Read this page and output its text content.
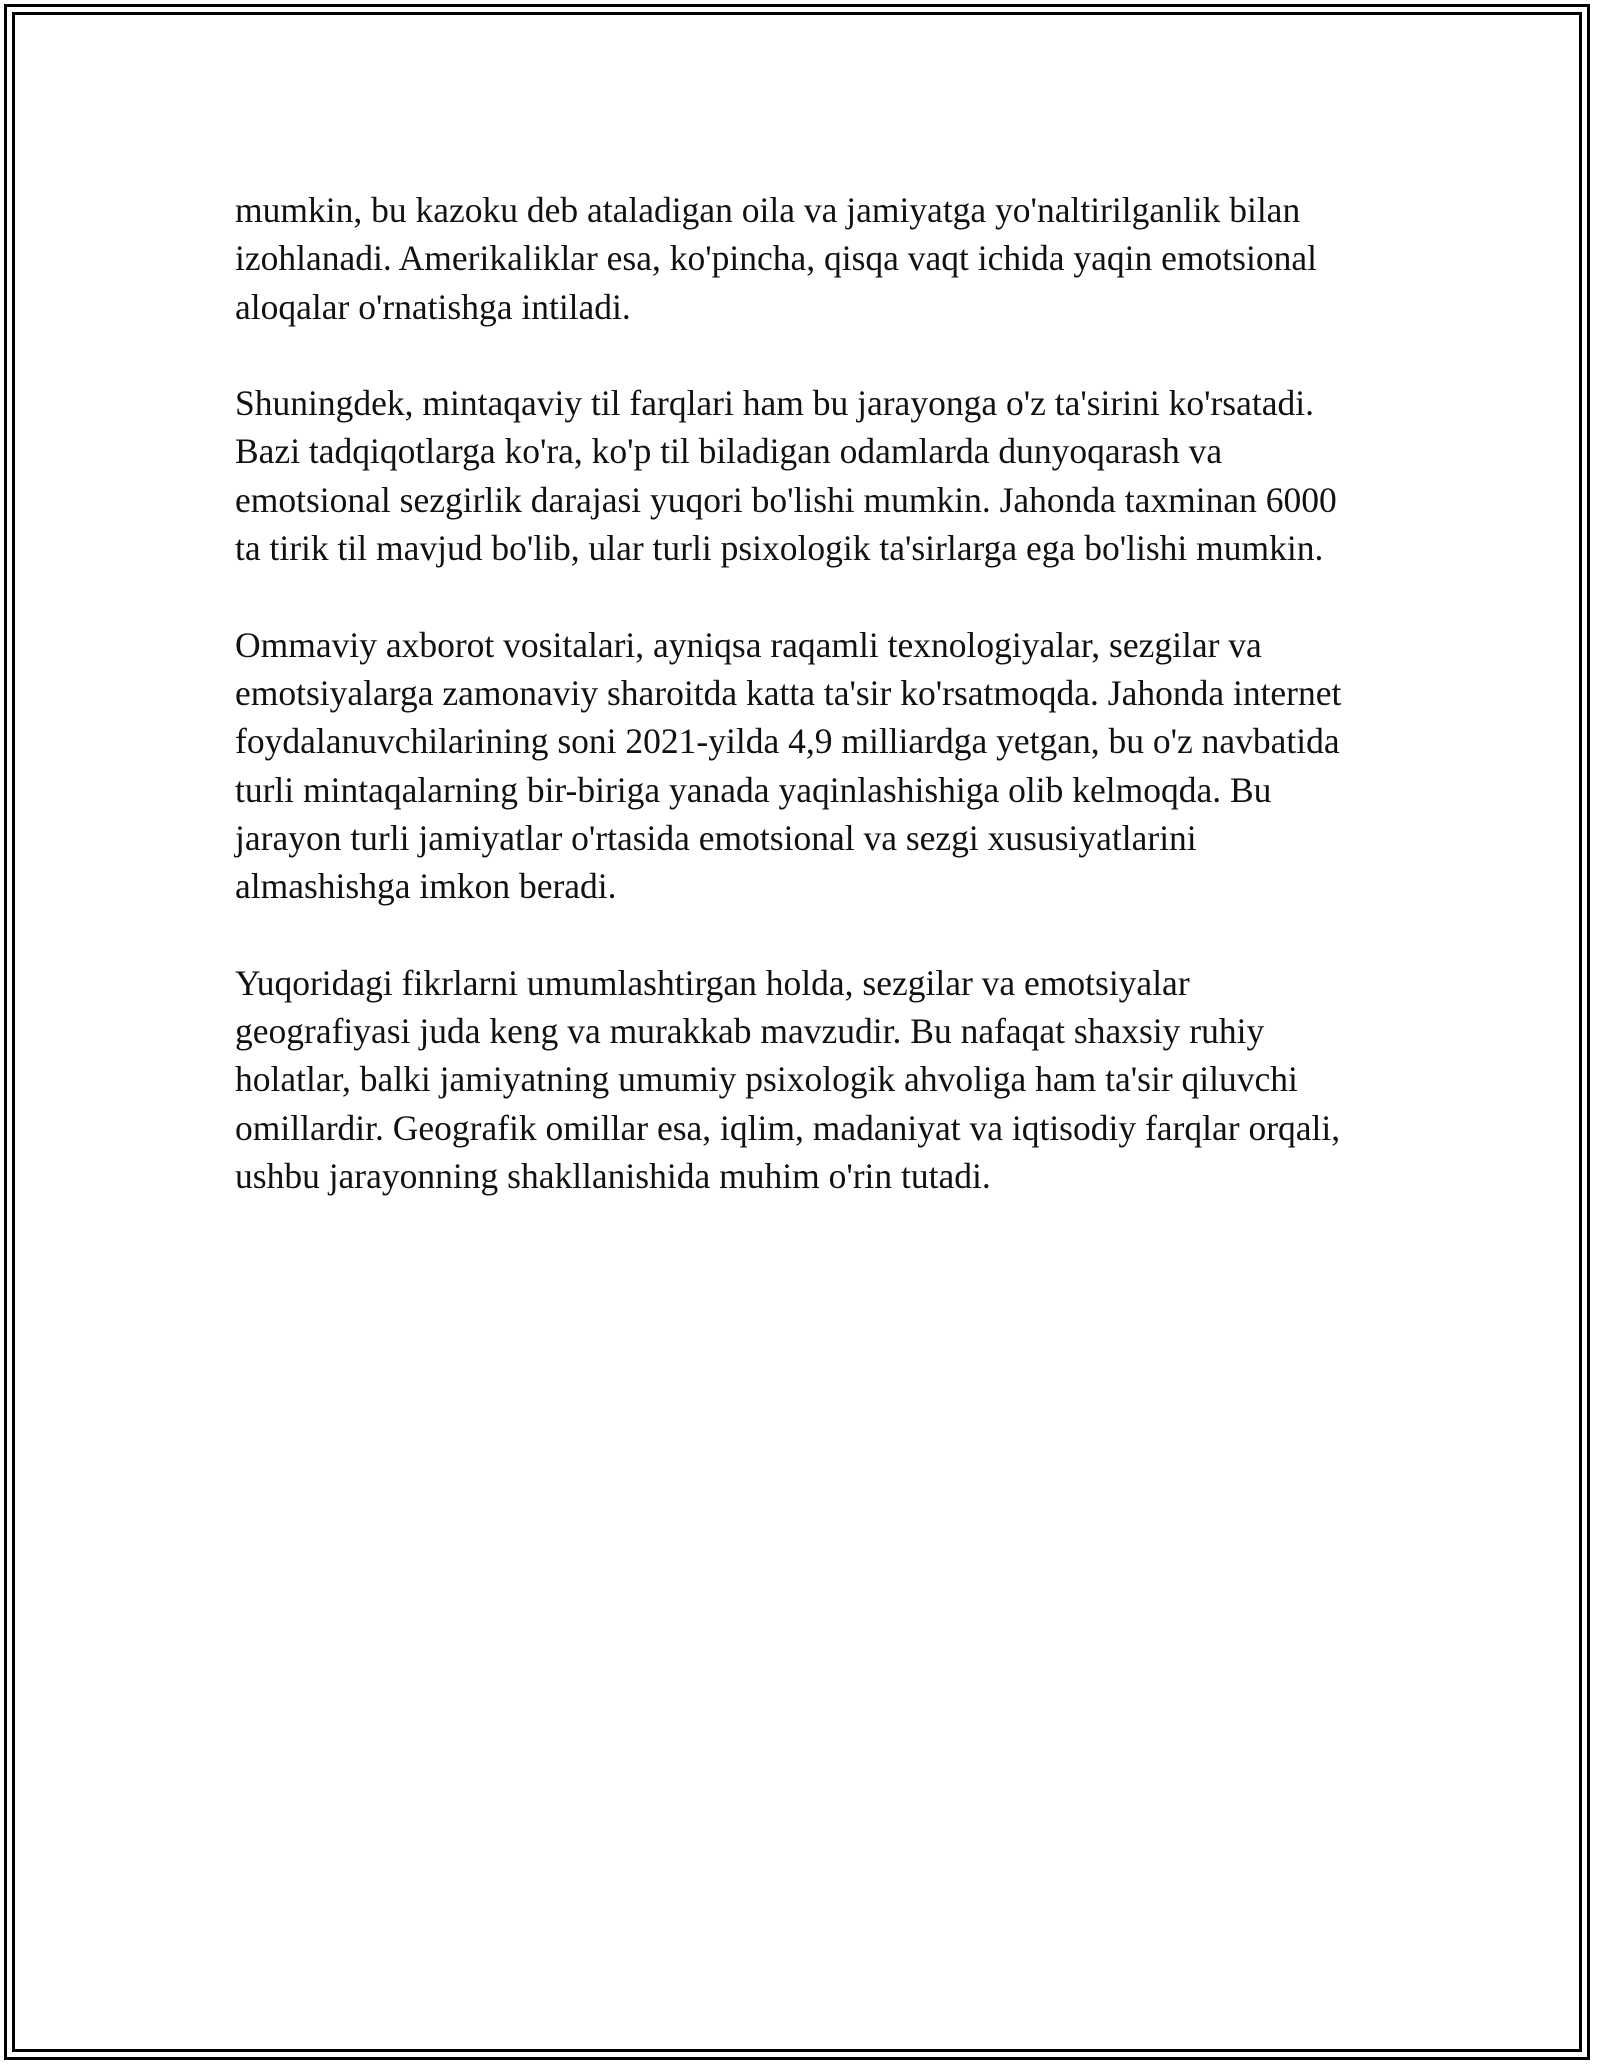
mumkin, bu kazoku deb ataladigan oila va jamiyatga yo'naltirilganlik bilan izohlanadi. Amerikaliklar esa, ko'pincha, qisqa vaqt ichida yaqin emotsional aloqalar o'rnatishga intiladi.

Shuningdek, mintaqaviy til farqlari ham bu jarayonga o'z ta'sirini ko'rsatadi. Bazi tadqiqotlarga ko'ra, ko'p til biladigan odamlarda dunyoqarash va emotsional sezgirlik darajasi yuqori bo'lishi mumkin. Jahonda taxminan 6000 ta tirik til mavjud bo'lib, ular turli psixologik ta'sirlarga ega bo'lishi mumkin.

Ommaviy axborot vositalari, ayniqsa raqamli texnologiyalar, sezgilar va emotsiyalarga zamonaviy sharoitda katta ta'sir ko'rsatmoqda. Jahonda internet foydalanuvchilarining soni 2021-yilda 4,9 milliardga yetgan, bu o'z navbatida turli mintaqalarning bir-biriga yanada yaqinlashishiga olib kelmoqda. Bu jarayon turli jamiyatlar o'rtasida emotsional va sezgi xususiyatlarini almashishga imkon beradi.

Yuqoridagi fikrlarni umumlashtirgan holda, sezgilar va emotsiyalar geografiyasi juda keng va murakkab mavzudir. Bu nafaqat shaxsiy ruhiy holatlar, balki jamiyatning umumiy psixologik ahvoliga ham ta'sir qiluvchi omillardir. Geografik omillar esa, iqlim, madaniyat va iqtisodiy farqlar orqali, ushbu jarayonning shakllanishida muhim o'rin tutadi.
